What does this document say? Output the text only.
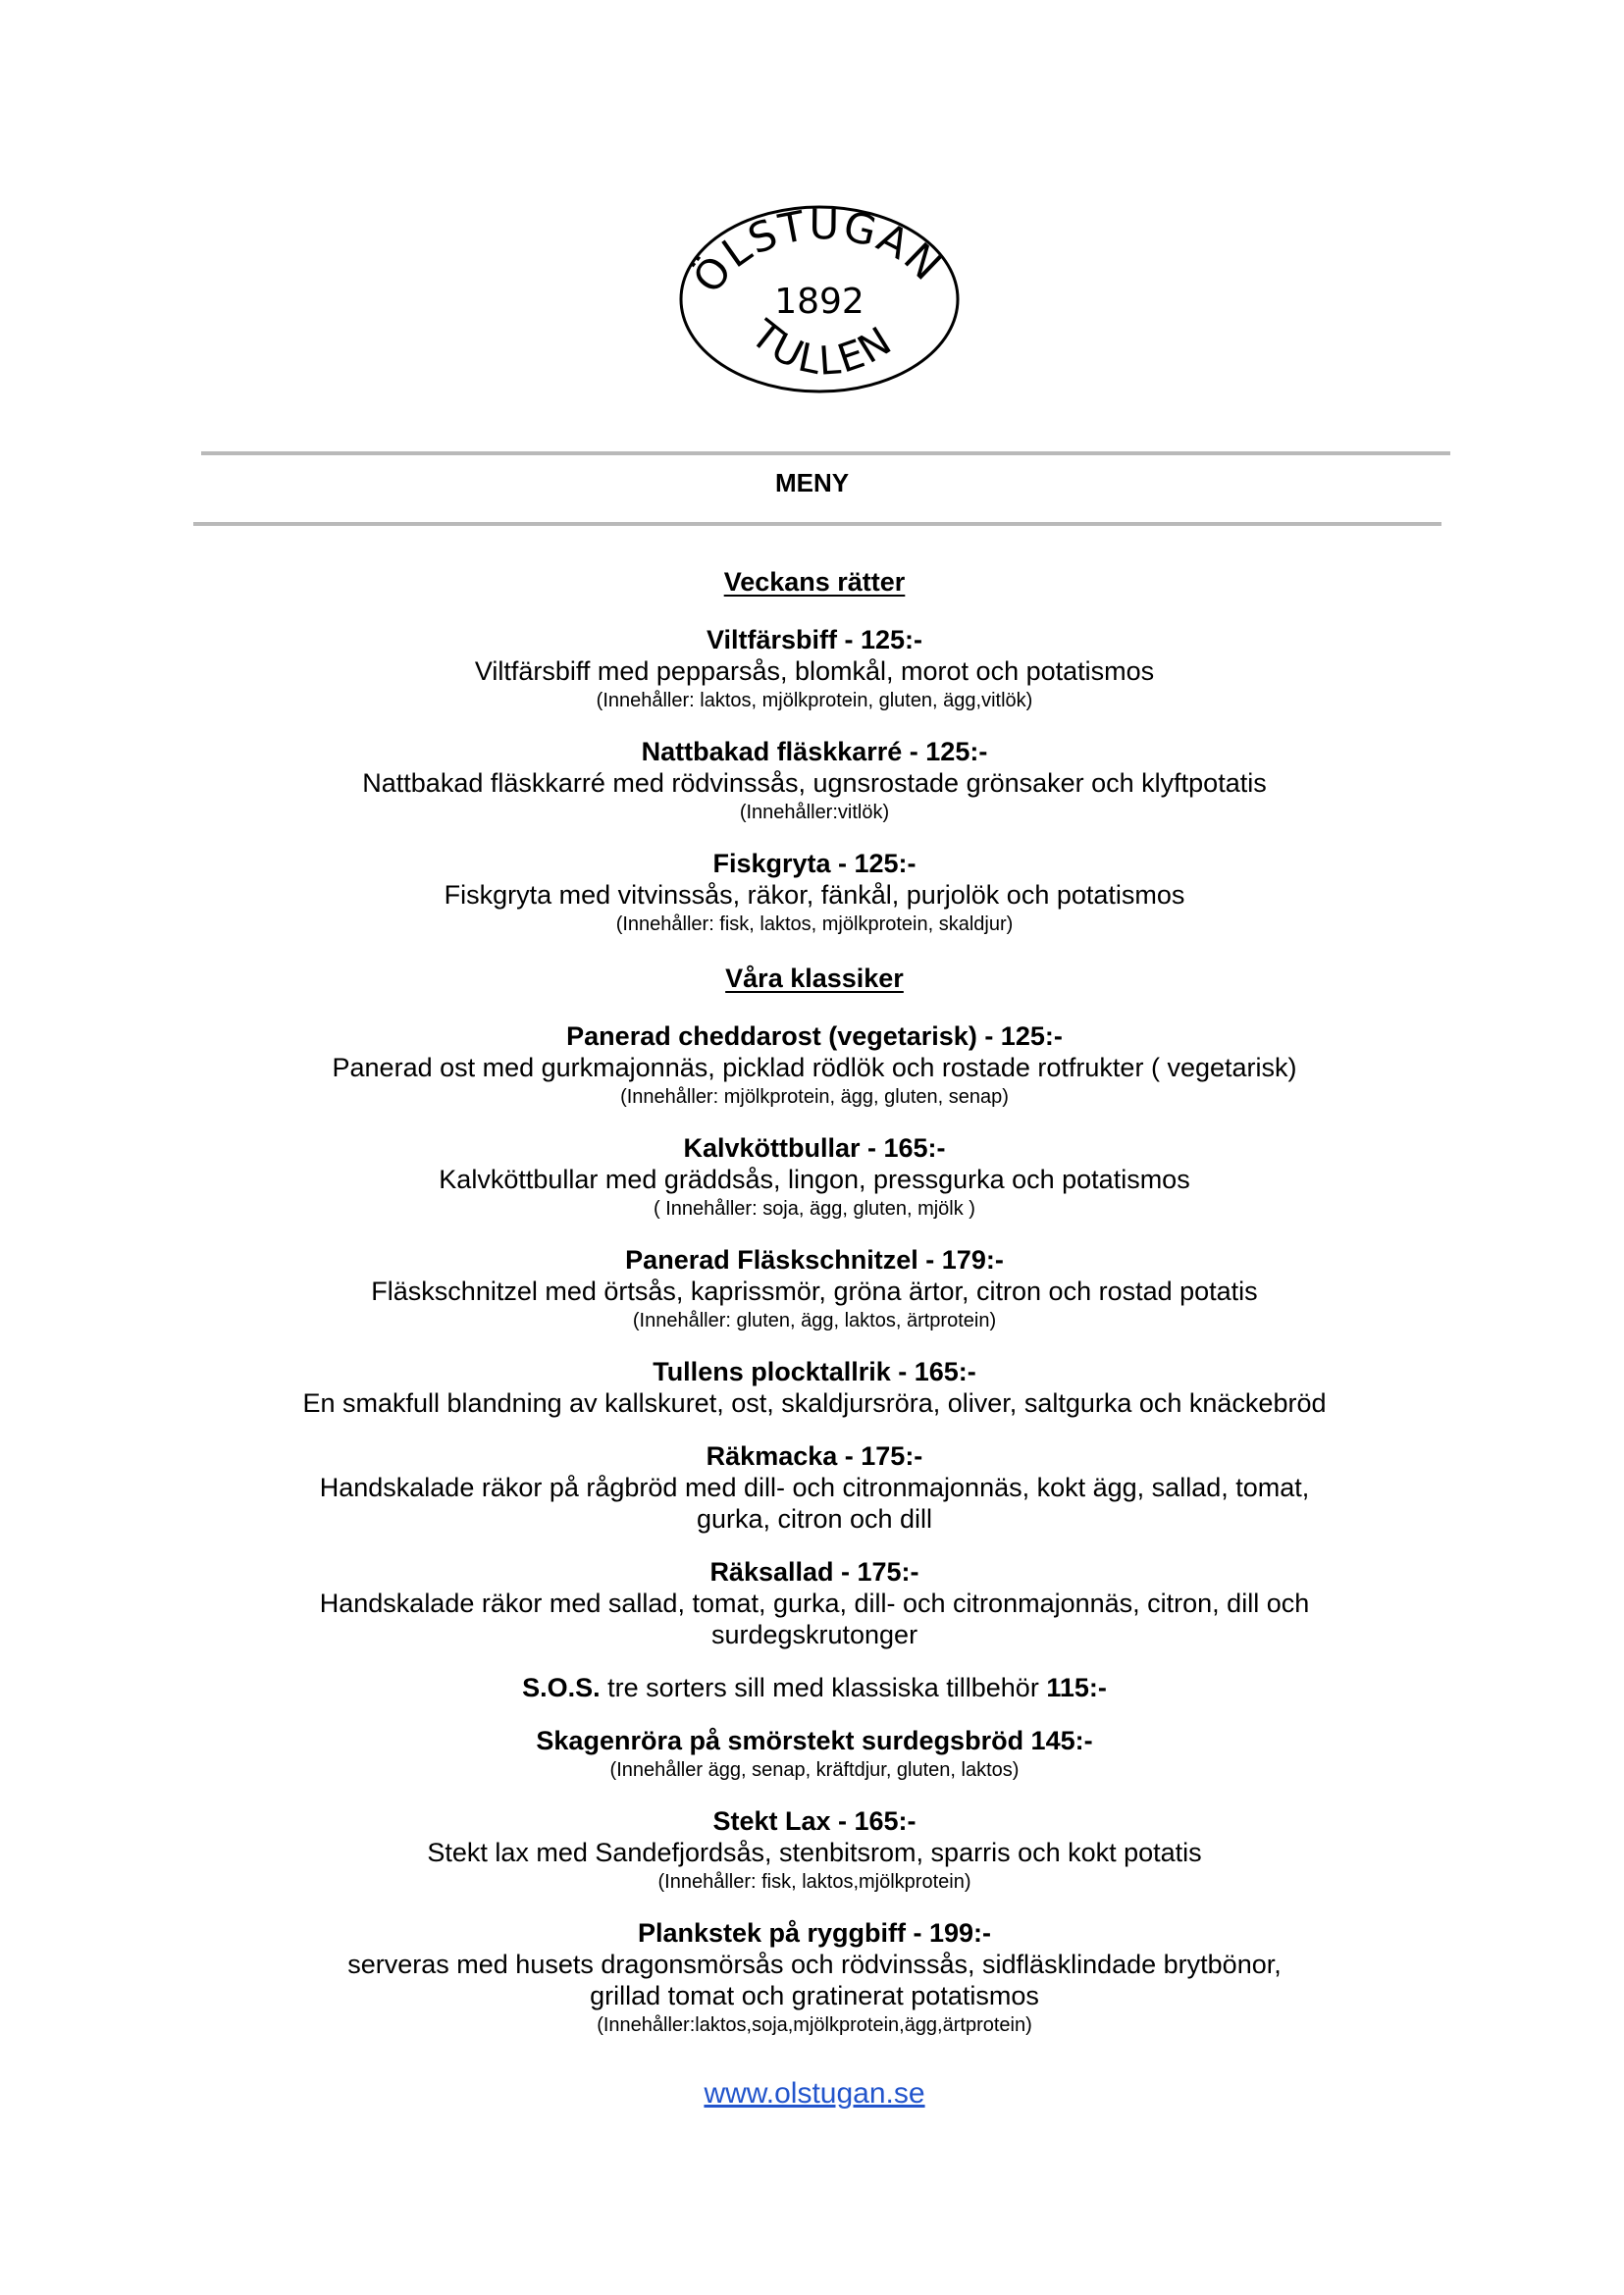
ÖLSTUGAN
1892
TULLEN
MENY
Veckans rätter
Viltfärsbiff - 125:-
Viltfärsbiff med pepparsås, blomkål, morot och potatismos
(Innehåller: laktos, mjölkprotein, gluten, ägg,vitlök)
Nattbakad fläskkarré - 125:-
Nattbakad fläskkarré med rödvinssås, ugnsrostade grönsaker och klyftpotatis
(Innehåller:vitlök)
Fiskgryta - 125:-
Fiskgryta med vitvinssås, räkor, fänkål, purjolök och potatismos
(Innehåller: fisk, laktos, mjölkprotein, skaldjur)
Våra klassiker
Panerad cheddarost (vegetarisk) - 125:-
Panerad ost med gurkmajonnäs, picklad rödlök och rostade rotfrukter ( vegetarisk)
(Innehåller: mjölkprotein, ägg, gluten, senap)
Kalvköttbullar - 165:-
Kalvköttbullar med gräddsås, lingon, pressgurka och potatismos
( Innehåller: soja, ägg, gluten, mjölk )
Panerad Fläskschnitzel - 179:-
Fläskschnitzel med örtsås, kaprissmör, gröna ärtor, citron och rostad potatis
(Innehåller: gluten, ägg, laktos, ärtprotein)
Tullens plocktallrik - 165:-
En smakfull blandning av kallskuret, ost, skaldjursröra, oliver, saltgurka och knäckebröd
Räkmacka - 175:-
Handskalade räkor på rågbröd med dill- och citronmajonnäs, kokt ägg, sallad, tomat, gurka, citron och dill
Räksallad - 175:-
Handskalade räkor med sallad, tomat, gurka, dill- och citronmajonnäs, citron, dill och surdegskrutonger
S.O.S. tre sorters sill med klassiska tillbehör 115:-
Skagenröra på smörstekt surdegsbröd 145:-
(Innehåller ägg, senap, kräftdjur, gluten, laktos)
Stekt Lax - 165:-
Stekt lax med Sandefjordsås, stenbitsrom, sparris och kokt potatis
(Innehåller: fisk, laktos,mjölkprotein)
Plankstek på ryggbiff - 199:-
serveras med husets dragonsmörsås och rödvinssås, sidfläsklindade brytbönor, grillad tomat och gratinerat potatismos
(Innehåller:laktos,soja,mjölkprotein,ägg,ärtprotein)
www.olstugan.se
